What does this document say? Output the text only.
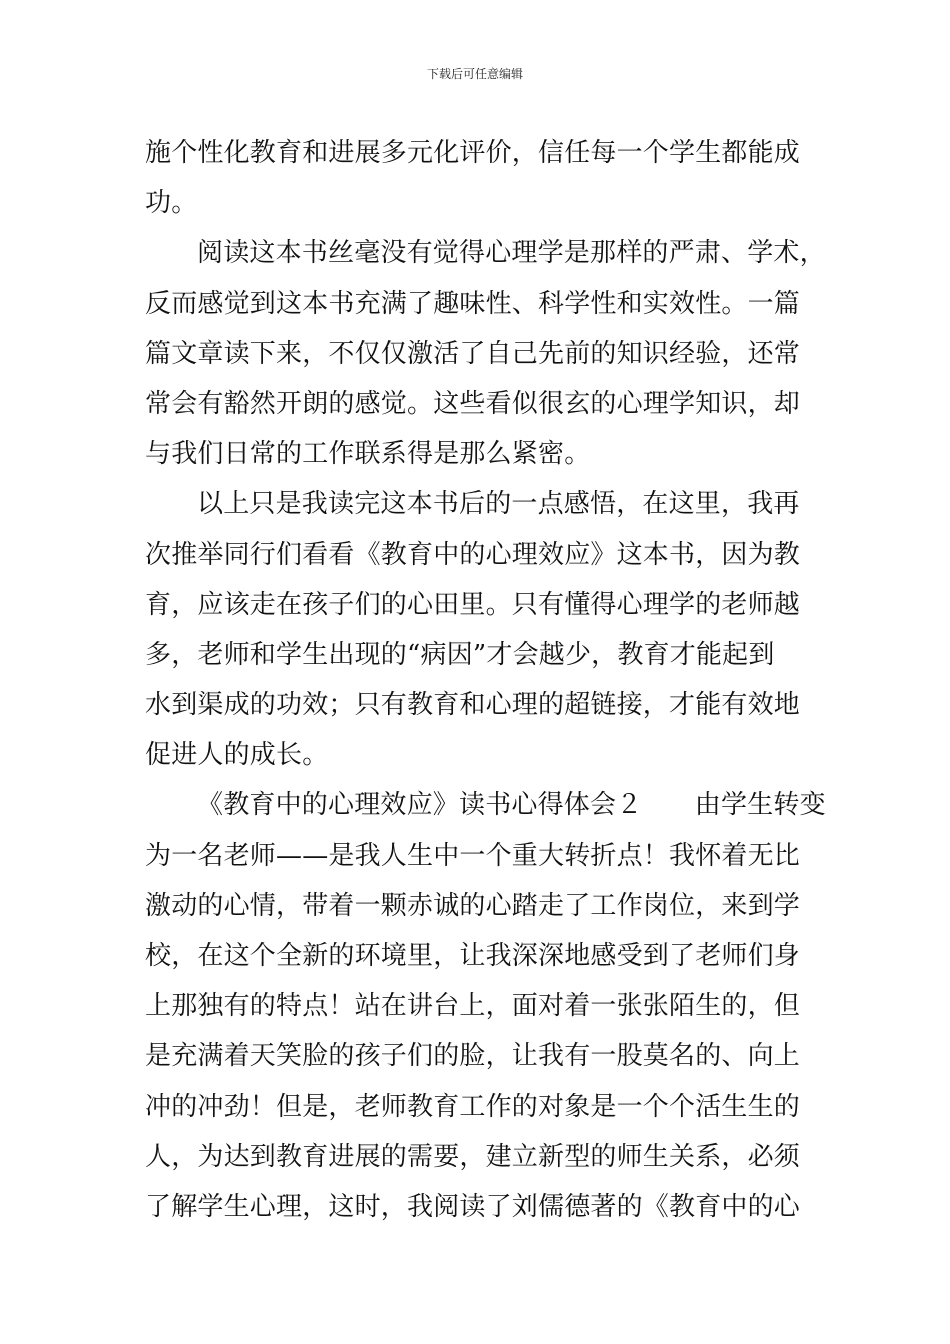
下载后可任意编辑
施个性化教育和进展多元化评价，信任每一个学生都能成
功。
阅读这本书丝毫没有觉得心理学是那样的严肃、学术，
反而感觉到这本书充满了趣味性、科学性和实效性。一篇
篇文章读下来，不仅仅激活了自己先前的知识经验，还常
常会有豁然开朗的感觉。这些看似很玄的心理学知识，却
与我们日常的工作联系得是那么紧密。
以上只是我读完这本书后的一点感悟，在这里，我再
次推举同行们看看《教育中的心理效应》这本书，因为教
育，应该走在孩子们的心田里。只有懂得心理学的老师越
多，老师和学生出现的“病因”才会越少，教育才能起到
水到渠成的功效；只有教育和心理的超链接，才能有效地
促进人的成长。
《教育中的心理效应》读书心得体会２　　由学生转变
为一名老师——是我人生中一个重大转折点！我怀着无比
激动的心情，带着一颗赤诚的心踏走了工作岗位，来到学
校，在这个全新的环境里，让我深深地感受到了老师们身
上那独有的特点！站在讲台上，面对着一张张陌生的，但
是充满着天笑脸的孩子们的脸，让我有一股莫名的、向上
冲的冲劲！但是，老师教育工作的对象是一个个活生生的
人，为达到教育进展的需要，建立新型的师生关系，必须
了解学生心理，这时，我阅读了刘儒德著的《教育中的心
